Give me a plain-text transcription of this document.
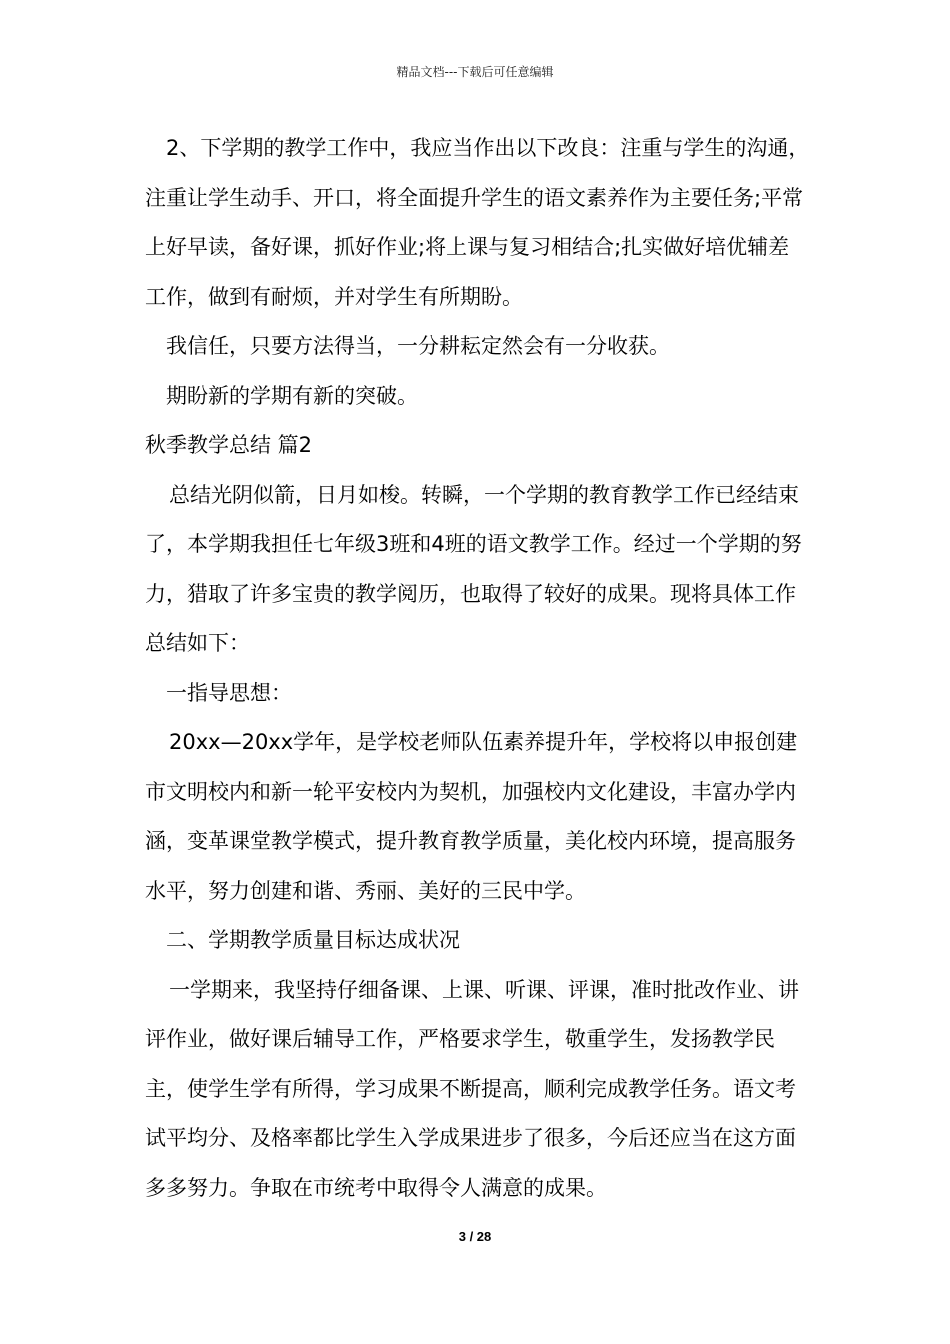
精品文档---下载后可任意编辑

2、下学期的教学工作中，我应当作出以下改良：注重与学生的沟通，注重让学生动手、开口，将全面提升学生的语文素养作为主要任务;平常上好早读，备好课，抓好作业;将上课与复习相结合;扎实做好培优辅差工作，做到有耐烦，并对学生有所期盼。

我信任，只要方法得当，一分耕耘定然会有一分收获。

期盼新的学期有新的突破。

秋季教学总结 篇2

总结光阴似箭，日月如梭。转瞬，一个学期的教育教学工作已经结束了，本学期我担任七年级3班和4班的语文教学工作。经过一个学期的努力，猎取了许多宝贵的教学阅历，也取得了较好的成果。现将具体工作总结如下：

一指导思想：

20xx—20xx学年，是学校老师队伍素养提升年，学校将以申报创建市文明校内和新一轮平安校内为契机，加强校内文化建设，丰富办学内涵，变革课堂教学模式，提升教育教学质量，美化校内环境，提高服务水平，努力创建和谐、秀丽、美好的三民中学。

二、学期教学质量目标达成状况

一学期来，我坚持仔细备课、上课、听课、评课，准时批改作业、讲评作业，做好课后辅导工作，严格要求学生，敬重学生，发扬教学民主，使学生学有所得，学习成果不断提高，顺利完成教学任务。语文考试平均分、及格率都比学生入学成果进步了很多，今后还应当在这方面多多努力。争取在市统考中取得令人满意的成果。

3 / 28
